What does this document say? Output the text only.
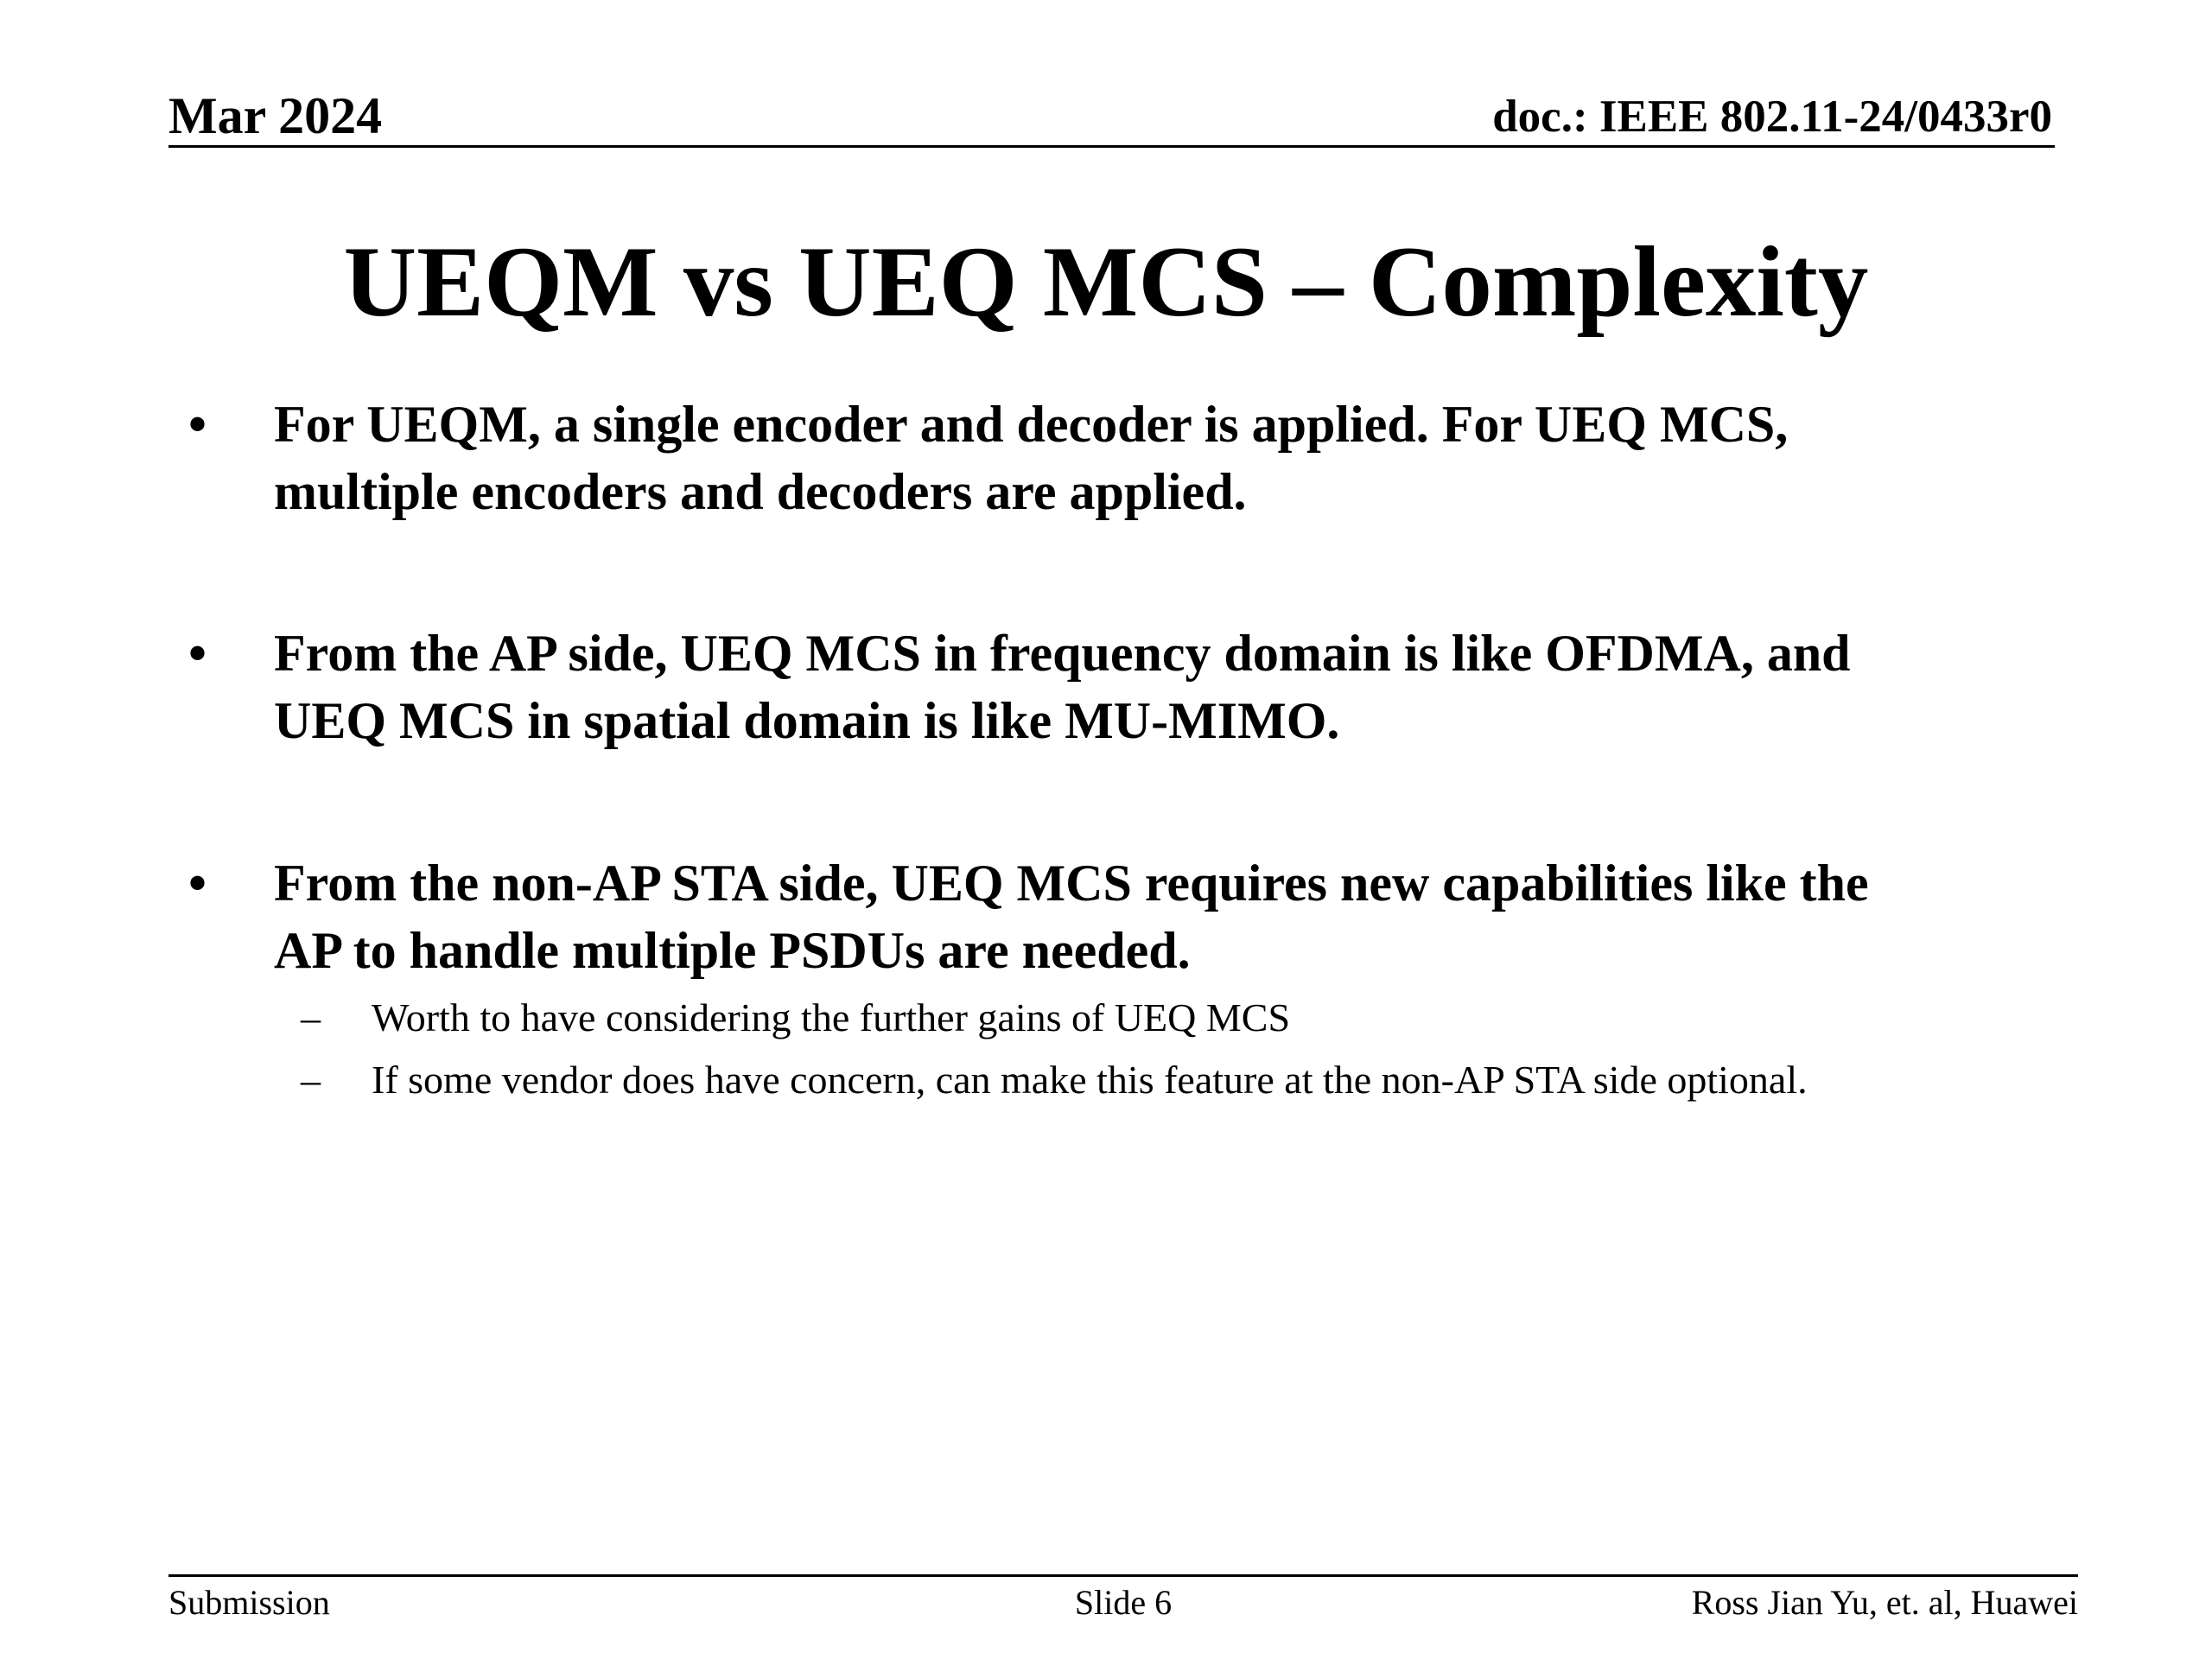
Mar 2024	doc.: IEEE 802.11-24/0433r0
UEQM vs UEQ MCS – Complexity
• For UEQM, a single encoder and decoder is applied. For UEQ MCS,
multiple encoders and decoders are applied.
• From the AP side, UEQ MCS in frequency domain is like OFDMA, and
UEQ MCS in spatial domain is like MU-MIMO.
• From the non-AP STA side, UEQ MCS requires new capabilities like the
AP to handle multiple PSDUs are needed.
– Worth to have considering the further gains of UEQ MCS
– If some vendor does have concern, can make this feature at the non-AP STA side optional.
Submission	Slide 6	Ross Jian Yu, et. al, Huawei
